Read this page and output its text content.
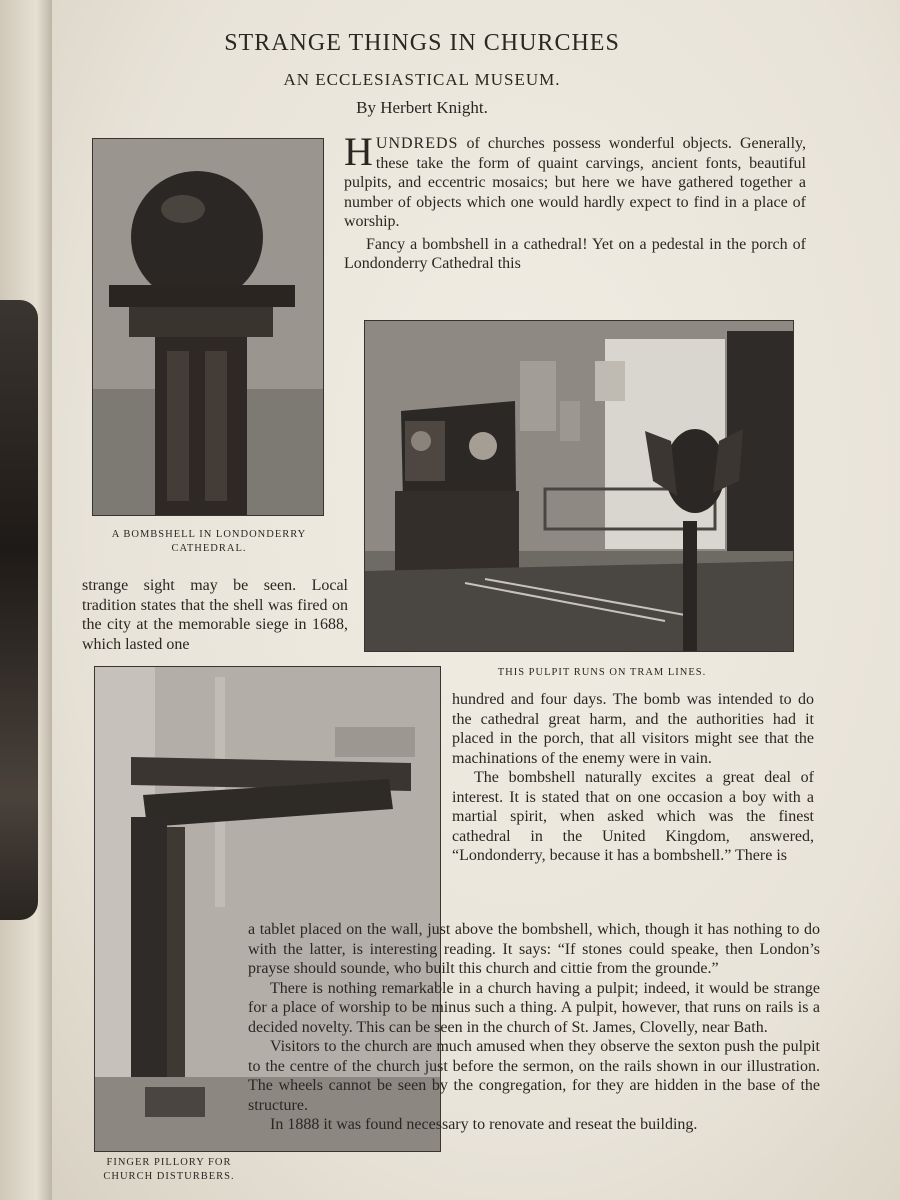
STRANGE THINGS IN CHURCHES
AN ECCLESIASTICAL MUSEUM.
By Herbert Knight.
A BOMBSHELL IN LONDONDERRY CATHEDRAL.

HUNDREDS of churches possess wonderful objects. Generally, these take the form of quaint carvings, ancient fonts, beautiful pulpits, and eccentric mosaics; but here we have gathered together a number of objects which one would hardly expect to find in a place of worship.

Fancy a bombshell in a cathedral! Yet on a pedestal in the porch of Londonderry Cathedral this

THIS PULPIT RUNS ON TRAM LINES.

strange sight may be seen. Local tradition states that the shell was fired on the city at the memorable siege in 1688, which lasted one

FINGER PILLORY FOR CHURCH DISTURBERS.

hundred and four days. The bomb was intended to do the cathedral great harm, and the authorities had it placed in the porch, that all visitors might see that the machinations of the enemy were in vain.

The bombshell naturally excites a great deal of interest. It is stated that on one occasion a boy with a martial spirit, when asked which was the finest cathedral in the United Kingdom, answered, “Londonderry, because it has a bombshell.” There is

a tablet placed on the wall, just above the bombshell, which, though it has nothing to do with the latter, is interesting reading. It says: “If stones could speake, then London’s prayse should sounde, who built this church and cittie from the grounde.”

There is nothing remarkable in a church having a pulpit; indeed, it would be strange for a place of worship to be minus such a thing. A pulpit, however, that runs on rails is a decided novelty. This can be seen in the church of St. James, Clovelly, near Bath.

Visitors to the church are much amused when they observe the sexton push the pulpit to the centre of the church just before the sermon, on the rails shown in our illustration. The wheels cannot be seen by the congregation, for they are hidden in the base of the structure.

In 1888 it was found necessary to renovate and reseat the building.
